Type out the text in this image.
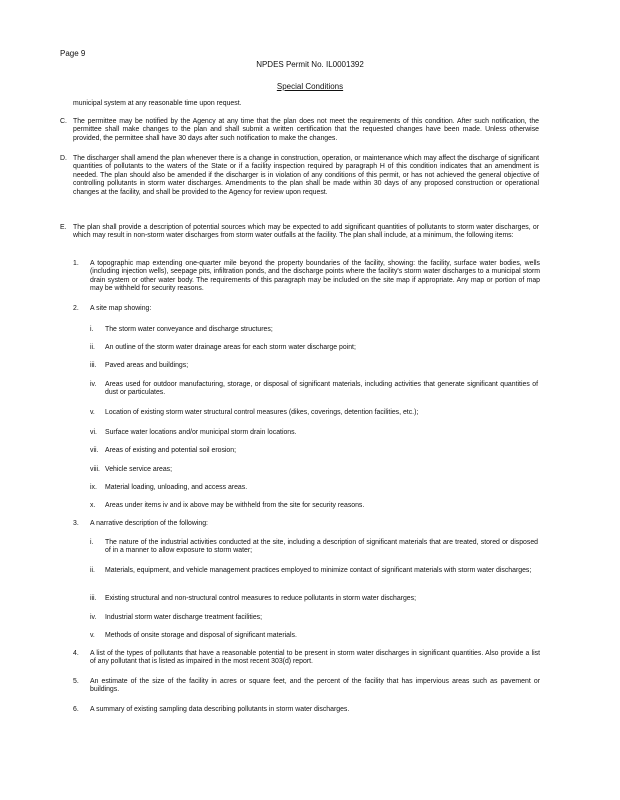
Page 9
NPDES Permit No. IL0001392
Special Conditions
municipal system at any reasonable time upon request.
C. The permittee may be notified by the Agency at any time that the plan does not meet the requirements of this condition. After such notification, the permittee shall make changes to the plan and shall submit a written certification that the requested changes have been made. Unless otherwise provided, the permittee shall have 30 days after such notification to make the changes.
D. The discharger shall amend the plan whenever there is a change in construction, operation, or maintenance which may affect the discharge of significant quantities of pollutants to the waters of the State or if a facility inspection required by paragraph H of this condition indicates that an amendment is needed. The plan should also be amended if the discharger is in violation of any conditions of this permit, or has not achieved the general objective of controlling pollutants in storm water discharges. Amendments to the plan shall be made within 30 days of any proposed construction or operational changes at the facility, and shall be provided to the Agency for review upon request.
E. The plan shall provide a description of potential sources which may be expected to add significant quantities of pollutants to storm water discharges, or which may result in non-storm water discharges from storm water outfalls at the facility. The plan shall include, at a minimum, the following items:
1. A topographic map extending one-quarter mile beyond the property boundaries of the facility, showing: the facility, surface water bodies, wells (including injection wells), seepage pits, infiltration ponds, and the discharge points where the facility's storm water discharges to a municipal storm drain system or other water body. The requirements of this paragraph may be included on the site map if appropriate. Any map or portion of map may be withheld for security reasons.
2. A site map showing:
i. The storm water conveyance and discharge structures;
ii. An outline of the storm water drainage areas for each storm water discharge point;
iii. Paved areas and buildings;
iv. Areas used for outdoor manufacturing, storage, or disposal of significant materials, including activities that generate significant quantities of dust or particulates.
v. Location of existing storm water structural control measures (dikes, coverings, detention facilities, etc.);
vi. Surface water locations and/or municipal storm drain locations.
vii. Areas of existing and potential soil erosion;
viii. Vehicle service areas;
ix. Material loading, unloading, and access areas.
x. Areas under items iv and ix above may be withheld from the site for security reasons.
3. A narrative description of the following:
i. The nature of the industrial activities conducted at the site, including a description of significant materials that are treated, stored or disposed of in a manner to allow exposure to storm water;
ii. Materials, equipment, and vehicle management practices employed to minimize contact of significant materials with storm water discharges;
iii. Existing structural and non-structural control measures to reduce pollutants in storm water discharges;
iv. Industrial storm water discharge treatment facilities;
v. Methods of onsite storage and disposal of significant materials.
4. A list of the types of pollutants that have a reasonable potential to be present in storm water discharges in significant quantities. Also provide a list of any pollutant that is listed as impaired in the most recent 303(d) report.
5. An estimate of the size of the facility in acres or square feet, and the percent of the facility that has impervious areas such as pavement or buildings.
6. A summary of existing sampling data describing pollutants in storm water discharges.
